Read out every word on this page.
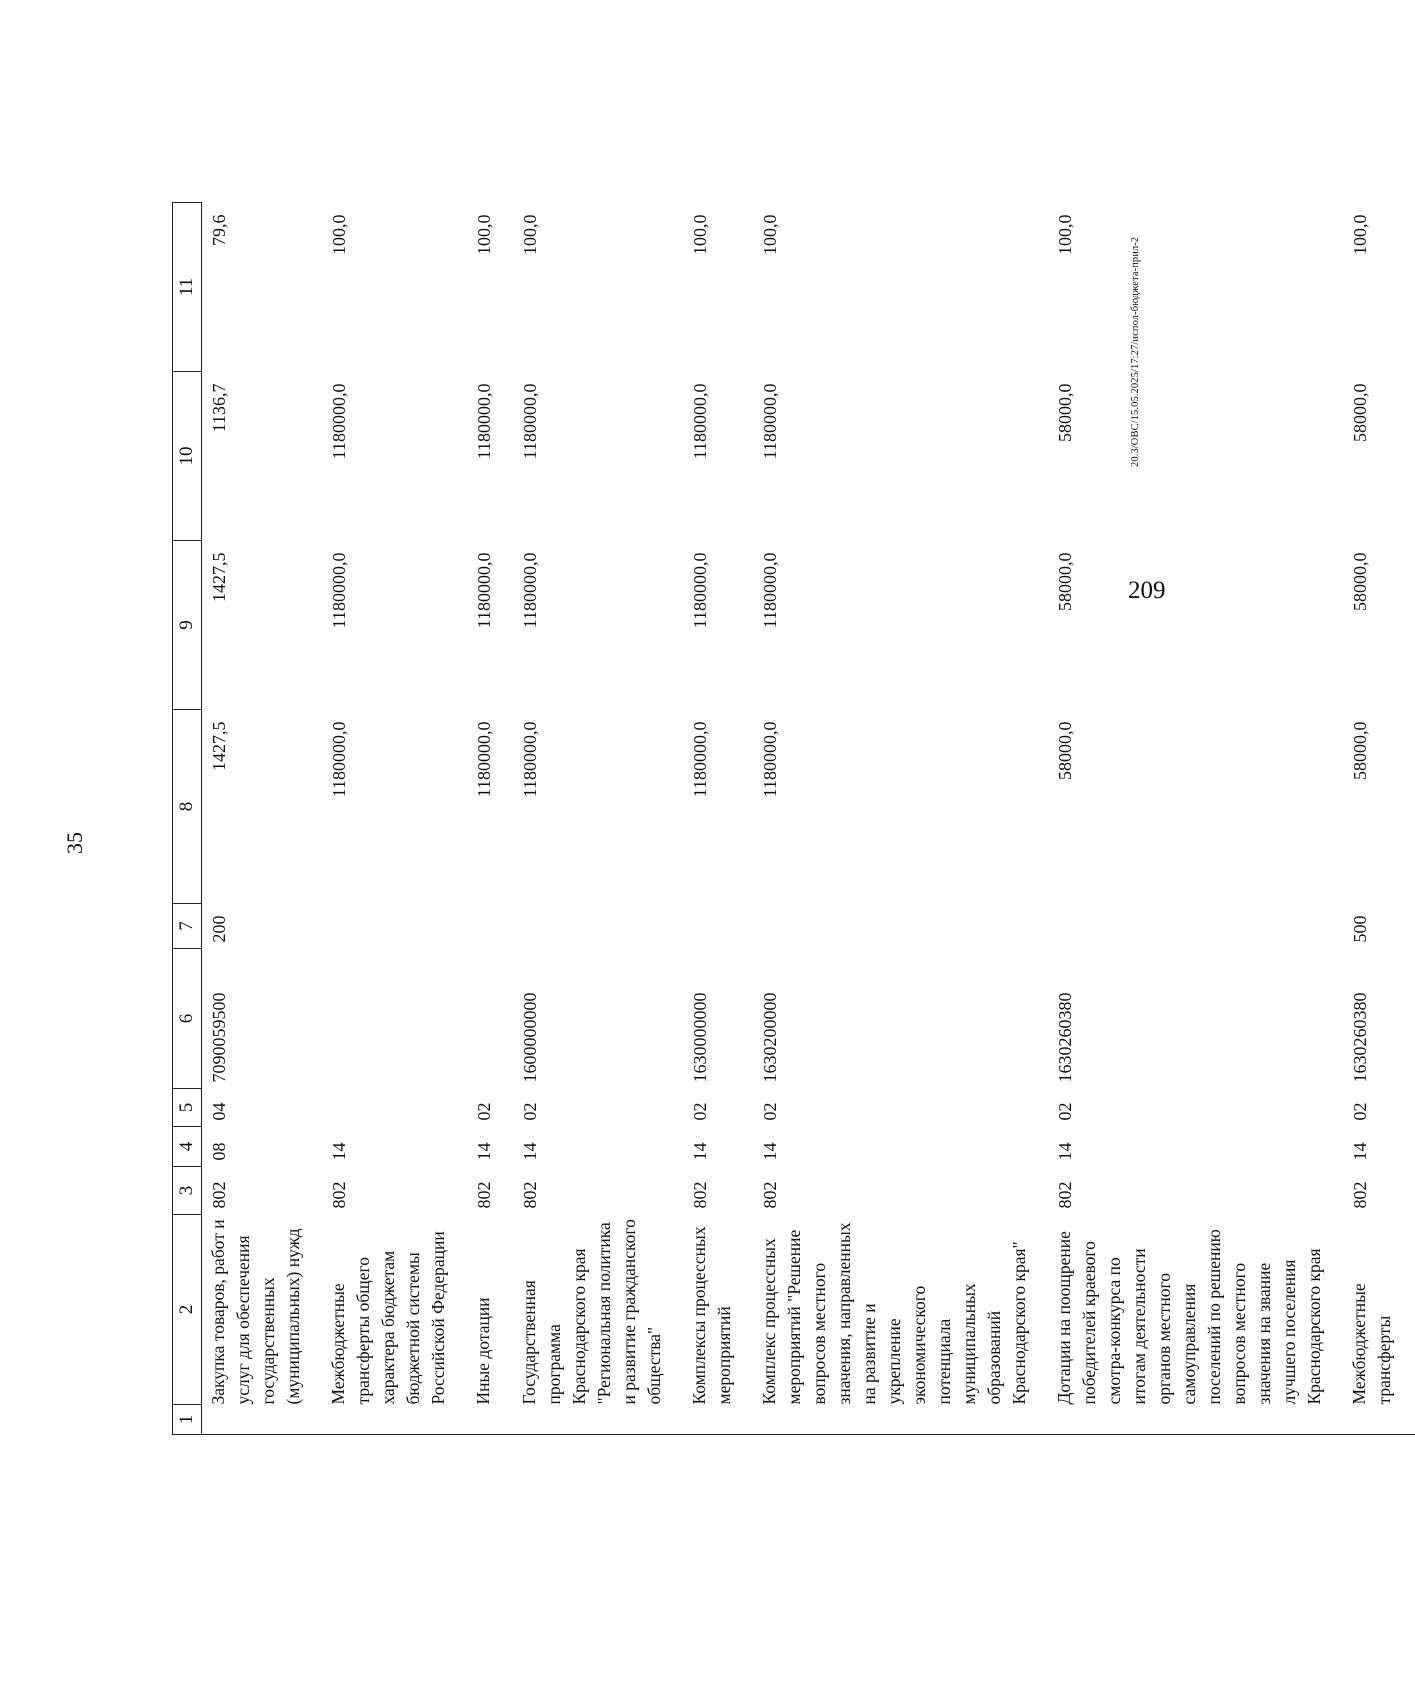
35
1	2	3	4	5	6	7	8	9	10	11
	Закупка товаров, работ и услуг для обеспечения государственных (муниципальных) нужд	802	08	04	7090059500	200	1427,5	1427,5	1136,7	79,6
	Межбюджетные трансферты общего характера бюджетам бюджетной системы Российской Федерации	802	14				1180000,0	1180000,0	1180000,0	100,0
	Иные дотации	802	14	02			1180000,0	1180000,0	1180000,0	100,0
	Государственная программа Краснодарского края "Региональная политика и развитие гражданского общества"	802	14	02	1600000000		1180000,0	1180000,0	1180000,0	100,0
	Комплексы процессных мероприятий	802	14	02	1630000000		1180000,0	1180000,0	1180000,0	100,0
	Комплекс процессных мероприятий "Решение вопросов местного значения, направленных на развитие и укрепление экономического потенциала муниципальных образований Краснодарского края"	802	14	02	1630200000		1180000,0	1180000,0	1180000,0	100,0
	Дотации на поощрение победителей краевого смотра-конкурса по итогам деятельности органов местного самоуправления поселений по решению вопросов местного значения на звание лучшего поселения Краснодарского края	802	14	02	1630260380		58000,0	58000,0	58000,0	100,0
	Межбюджетные трансферты	802	14	02	1630260380	500	58000,0	58000,0	58000,0	100,0
20.3/ОВС/15.05.2025/17:27/испол-бюджета-прил-2
209
